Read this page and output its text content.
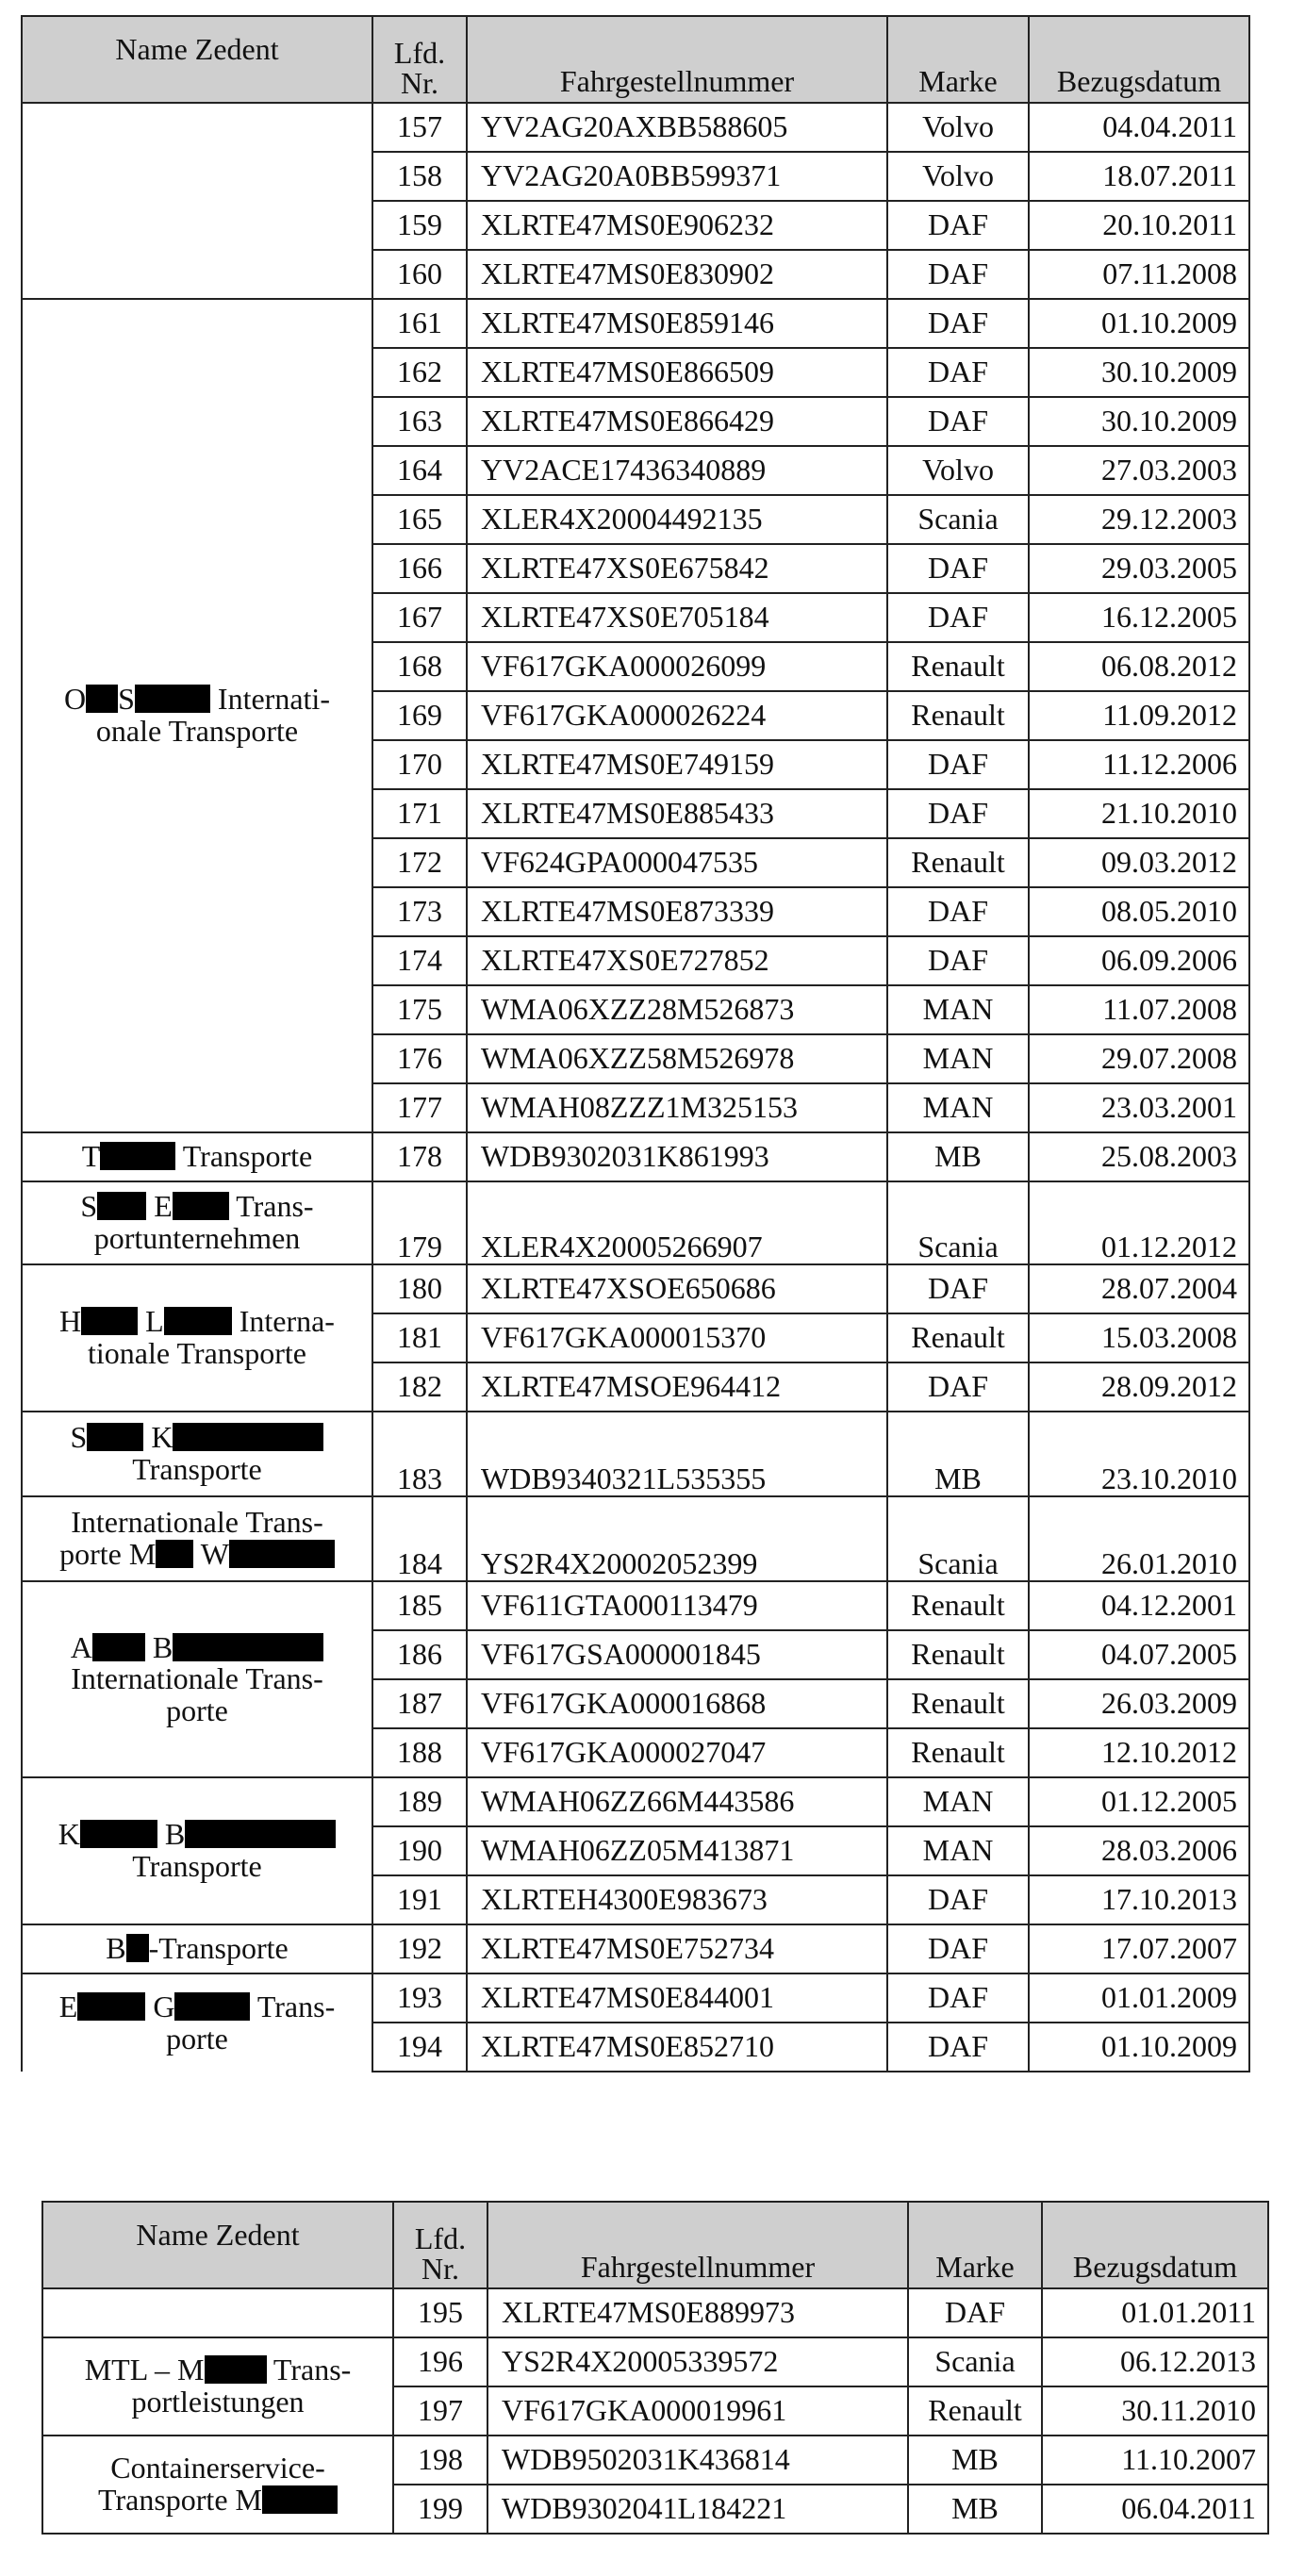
Name Zedent	Lfd.
Nr.	Fahrgestellnummer	Marke	Bezugsdatum
	157	YV2AG20AXBB588605	Volvo	04.04.2011
	158	YV2AG20A0BB599371	Volvo	18.07.2011
	159	XLRTE47MS0E906232	DAF	20.10.2011
	160	XLRTE47MS0E830902	DAF	07.11.2008
O S Internati-
onale Transporte	161	XLRTE47MS0E859146	DAF	01.10.2009
	162	XLRTE47MS0E866509	DAF	30.10.2009
	163	XLRTE47MS0E866429	DAF	30.10.2009
	164	YV2ACE17436340889	Volvo	27.03.2003
	165	XLER4X20004492135	Scania	29.12.2003
	166	XLRTE47XS0E675842	DAF	29.03.2005
	167	XLRTE47XS0E705184	DAF	16.12.2005
	168	VF617GKA000026099	Renault	06.08.2012
	169	VF617GKA000026224	Renault	11.09.2012
	170	XLRTE47MS0E749159	DAF	11.12.2006
	171	XLRTE47MS0E885433	DAF	21.10.2010
	172	VF624GPA000047535	Renault	09.03.2012
	173	XLRTE47MS0E873339	DAF	08.05.2010
	174	XLRTE47XS0E727852	DAF	06.09.2006
	175	WMA06XZZ28M526873	MAN	11.07.2008
	176	WMA06XZZ58M526978	MAN	29.07.2008
	177	WMAH08ZZZ1M325153	MAN	23.03.2001
T Transporte	178	WDB9302031K861993	MB	25.08.2003
S E Trans-
portunternehmen	179	XLER4X20005266907	Scania	01.12.2012
H L Interna-
tionale Transporte	180	XLRTE47XSOE650686	DAF	28.07.2004
	181	VF617GKA000015370	Renault	15.03.2008
	182	XLRTE47MSOE964412	DAF	28.09.2012
S K
Transporte	183	WDB9340321L535355	MB	23.10.2010
Internationale Trans-
porte M W	184	YS2R4X20002052399	Scania	26.01.2010
A B
Internationale Trans-
porte	185	VF611GTA000113479	Renault	04.12.2001
	186	VF617GSA000001845	Renault	04.07.2005
	187	VF617GKA000016868	Renault	26.03.2009
	188	VF617GKA000027047	Renault	12.10.2012
K B
Transporte	189	WMAH06ZZ66M443586	MAN	01.12.2005
	190	WMAH06ZZ05M413871	MAN	28.03.2006
	191	XLRTEH4300E983673	DAF	17.10.2013
B -Transporte	192	XLRTE47MS0E752734	DAF	17.07.2007
E G Trans-
porte	193	XLRTE47MS0E844001	DAF	01.01.2009
	194	XLRTE47MS0E852710	DAF	01.10.2009
Name Zedent	Lfd.
Nr.	Fahrgestellnummer	Marke	Bezugsdatum
	195	XLRTE47MS0E889973	DAF	01.01.2011
MTL – M Trans-
portleistungen	196	YS2R4X20005339572	Scania	06.12.2013
	197	VF617GKA000019961	Renault	30.11.2010
Containerservice-
Transporte M	198	WDB9502031K436814	MB	11.10.2007
	199	WDB9302041L184221	MB	06.04.2011
